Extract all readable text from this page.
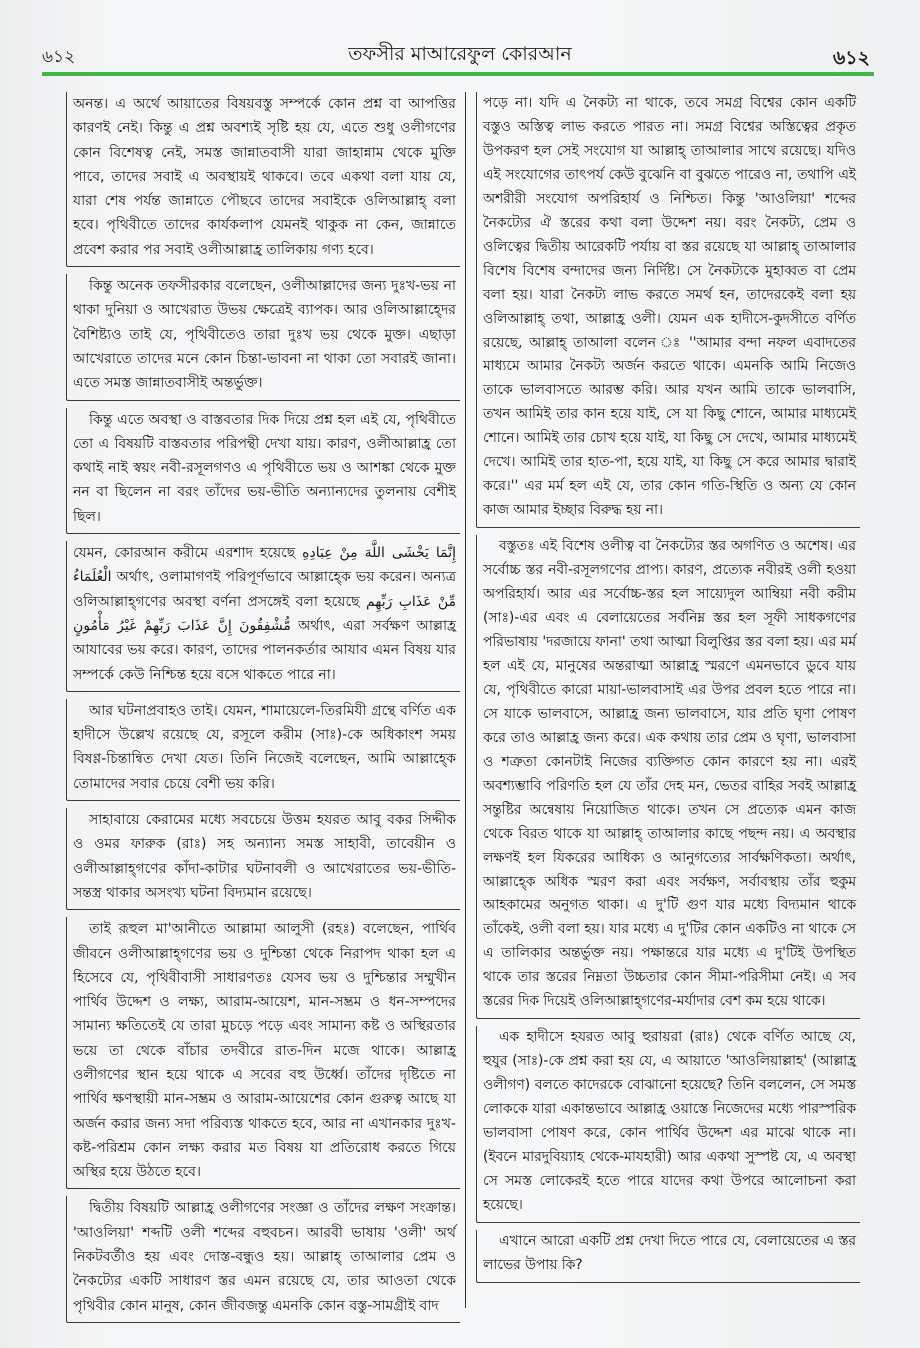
৬১২	তফসীর মাআরেফুল কোরআন	৬১২

অনন্ত। এ অর্থে আয়াতের বিষয়বস্তু সম্পর্কে কোন প্রশ্ন বা আপত্তির কারণই নেই। কিন্তু এ প্রশ্ন অবশ্যই সৃষ্টি হয় যে, এতে শুধু ওলীগণের কোন বিশেষত্ব নেই, সমস্ত জান্নাতবাসী যারা জাহান্নাম থেকে মুক্তি পাবে, তাদের সবাই এ অবস্থায়ই থাকবে। তবে একথা বলা যায় যে, যারা শেষ পর্যন্ত জান্নাতে পৌছবে তাদের সবাইকে ওলিআল্লাহ্ বলা হবে। পৃথিবীতে তাদের কার্যকলাপ যেমনই থাকুক না কেন, জান্নাতে প্রবেশ করার পর সবাই ওলীআল্লাহ্র তালিকায় গণ্য হবে।

কিন্তু অনেক তফসীরকার বলেছেন, ওলীআল্লাদের জন্য দুঃখ-ভয় না থাকা দুনিয়া ও আখেরাত উভয় ক্ষেত্রেই ব্যাপক। আর ওলিআল্লাহ্দের বৈশিষ্ট্যও তাই যে, পৃথিবীতেও তারা দুঃখ ভয় থেকে মুক্ত। এছাড়া আখেরাতে তাদের মনে কোন চিন্তা-ভাবনা না থাকা তো সবারই জানা। এতে সমস্ত জান্নাতবাসীই অন্তর্ভুক্ত।

কিন্তু এতে অবস্থা ও বাস্তবতার দিক দিয়ে প্রশ্ন হল এই যে, পৃথিবীতে তো এ বিষয়টি বাস্তবতার পরিপন্থী দেখা যায়। কারণ, ওলীআল্লাহ্র তো কথাই নাই স্বয়ং নবী-রসূলগণও এ পৃথিবীতে ভয় ও আশঙ্কা থেকে মুক্ত নন বা ছিলেন না বরং তাঁদের ভয়-ভীতি অন্যান্যদের তুলনায় বেশীই ছিল।

যেমন, কোরআন করীমে এরশাদ হয়েছে إِنَّمَا يَخْشَى اللَّهَ مِنْ عِبَادِهِ الْعُلَمَاءُ অর্থাৎ, ওলামাগণই পরিপূর্ণভাবে আল্লাহ্কে ভয় করেন। অন্যত্র ওলিআল্লাহ্গণের অবস্থা বর্ণনা প্রসঙ্গেই বলা হয়েছে مِّنْ عَذَابِ رَبِّهِم مُّشْفِقُونَ إِنَّ عَذَابَ رَبِّهِمْ غَيْرُ مَأْمُونٍ অর্থাৎ, এরা সর্বক্ষণ আল্লাহ্র আযাবের ভয় করে। কারণ, তাদের পালনকর্তার আযাব এমন বিষয় যার সম্পর্কে কেউ নিশ্চিন্ত হয়ে বসে থাকতে পারে না।

আর ঘটনাপ্রবাহও তাই। যেমন, শামায়েলে-তিরমিযী গ্রন্থে বর্ণিত এক হাদীসে উল্লেখ রয়েছে যে, রসূলে করীম (সাঃ)-কে অধিকাংশ সময় বিষণ্ণ-চিন্তান্বিত দেখা যেত। তিনি নিজেই বলেছেন, আমি আল্লাহ্কে তোমাদের সবার চেয়ে বেশী ভয় করি।

সাহাবায়ে কেরামের মধ্যে সবচেয়ে উত্তম হযরত আবু বকর সিদ্দীক ও ওমর ফারুক (রাঃ) সহ অন্যান্য সমস্ত সাহাবী, তাবেয়ীন ও ওলীআল্লাহ্গণের কাঁদা-কাটার ঘটনাবলী ও আখেরাতের ভয়-ভীতি-সন্তস্ত্র থাকার অসংখ্য ঘটনা বিদ্যমান রয়েছে।

তাই রূহুল মা'আনীতে আল্লামা আলুসী (রহঃ) বলেছেন, পার্থিব জীবনে ওলীআল্লাহ্গণের ভয় ও দুশ্চিন্তা থেকে নিরাপদ থাকা হল এ হিসেবে যে, পৃথিবীবাসী সাধারণতঃ যেসব ভয় ও দুশ্চিন্তার সম্মুখীন পার্থিব উদ্দেশ ও লক্ষ্য, আরাম-আয়েশ, মান-সম্ভ্রম ও ধন-সম্পদের সামান্য ক্ষতিতেই যে তারা মুচড়ে পড়ে এবং সামান্য কষ্ট ও অস্থিরতার ভয়ে তা থেকে বাঁচার তদবীরে রাত-দিন মজে থাকে। আল্লাহ্র ওলীগণের স্থান হয়ে থাকে এ সবের বহু উর্ধ্বে। তাঁদের দৃষ্টিতে না পার্থিব ক্ষণস্থায়ী মান-সম্ভ্রম ও আরাম-আয়েশের কোন গুরুত্ব আছে যা অর্জন করার জন্য সদা পরিব্যস্ত থাকতে হবে, আর না এখানকার দুঃখ-কষ্ট-পরিশ্রম কোন লক্ষ্য করার মত বিষয় যা প্রতিরোধ করতে গিয়ে অস্থির হয়ে উঠতে হবে।

দ্বিতীয় বিষয়টি আল্লাহ্র ওলীগণের সংজ্ঞা ও তাঁদের লক্ষণ সংক্রান্ত। 'আওলিয়া' শব্দটি ওলী শব্দের বহুবচন। আরবী ভাষায় 'ওলী' অর্থ নিকটবর্তীও হয় এবং দোস্ত-বন্ধুও হয়। আল্লাহ্ তাআলার প্রেম ও নৈকট্যের একটি সাধারণ স্তর এমন রয়েছে যে, তার আওতা থেকে পৃথিবীর কোন মানুষ, কোন জীবজন্তু এমনকি কোন বস্তু-সামগ্রীই বাদ

পড়ে না। যদি এ নৈকট্য না থাকে, তবে সমগ্র বিশ্বের কোন একটি বস্তুও অস্তিত্ব লাভ করতে পারত না। সমগ্র বিশ্বের অস্তিত্বের প্রকৃত উপকরণ হল সেই সংযোগ যা আল্লাহ্ তাআলার সাথে রয়েছে। যদিও এই সংযোগের তাৎপর্য কেউ বুঝেনি বা বুঝতে পারেও না, তথাপি এই অশরীরী সংযোগ অপরিহার্য ও নিশ্চিত। কিন্তু 'আওলিয়া' শব্দের নৈকট্যের ঐ স্তরের কথা বলা উদ্দেশ নয়। বরং নৈকট্য, প্রেম ও ওলিত্বের দ্বিতীয় আরেকটি পর্যায় বা স্তর রয়েছে যা আল্লাহ্ তাআলার বিশেষ বিশেষ বন্দাদের জন্য নির্দিষ্ট। সে নৈকট্যকে মুহাব্বত বা প্রেম বলা হয়। যারা নৈকট্য লাভ করতে সমর্থ হন, তাদেরকেই বলা হয় ওলিআল্লাহ্ তথা, আল্লাহ্র ওলী। যেমন এক হাদীসে-কুদসীতে বর্ণিত রয়েছে, আল্লাহ্ তাআলা বলেন ঃ ''আমার বন্দা নফল এবাদতের মাধ্যমে আমার নৈকট্য অর্জন করতে থাকে। এমনকি আমি নিজেও তাকে ভালবাসতে আরম্ভ করি। আর যখন আমি তাকে ভালবাসি, তখন আমিই তার কান হয়ে যাই, সে যা কিছু শোনে, আমার মাধ্যমেই শোনে। আমিই তার চোখ হয়ে যাই, যা কিছু সে দেখে, আমার মাধ্যমেই দেখে। আমিই তার হাত-পা, হয়ে যাই, যা কিছু সে করে আমার দ্বারাই করে।'' এর মর্ম হল এই যে, তার কোন গতি-স্থিতি ও অন্য যে কোন কাজ আমার ইচ্ছার বিরুদ্ধ হয় না।

বস্তুতঃ এই বিশেষ ওলীত্ব বা নৈকট্যের স্তর অগণিত ও অশেষ। এর সর্বোচ্চ স্তর নবী-রসূলগণের প্রাপ্য। কারণ, প্রত্যেক নবীরই ওলী হওয়া অপরিহার্য। আর এর সর্বোচ্চ-স্তর হল সায়্যেদুল আম্বিয়া নবী করীম (সাঃ)-এর এবং এ বেলায়েতের সর্বনিম্ন স্তর হল সূফী সাধকগণের পরিভাষায় 'দরজায়ে ফানা' তথা আত্মা বিলুপ্তির স্তর বলা হয়। এর মর্ম হল এই যে, মানুষের অন্তরাত্মা আল্লাহ্র স্মরণে এমনভাবে ডুবে যায় যে, পৃথিবীতে কারো মায়া-ভালবাসাই এর উপর প্রবল হতে পারে না। সে যাকে ভালবাসে, আল্লাহ্র জন্য ভালবাসে, যার প্রতি ঘৃণা পোষণ করে তাও আল্লাহ্র জন্য করে। এক কথায় তার প্রেম ও ঘৃণা, ভালবাসা ও শত্রুতা কোনটাই নিজের ব্যক্তিগত কোন কারণে হয় না। এরই অবশ্যম্ভাবি পরিণতি হল যে তাঁর দেহ মন, ভেতর বাহির সবই আল্লাহ্র সন্তুষ্টির অন্বেষায় নিয়োজিত থাকে। তখন সে প্রত্যেক এমন কাজ থেকে বিরত থাকে যা আল্লাহ্ তাআলার কাছে পছন্দ নয়। এ অবস্থার লক্ষণই হল যিকরের আধিক্য ও আনুগত্যের সার্বক্ষণিকতা। অর্থাৎ, আল্লাহ্কে অধিক স্মরণ করা এবং সর্বক্ষণ, সর্বাবস্থায় তাঁর হুকুম আহকামের অনুগত থাকা। এ দু'টি গুণ যার মধ্যে বিদ্যমান থাকে তাঁকেই, ওলী বলা হয়। যার মধ্যে এ দু'টির কোন একটিও না থাকে সে এ তালিকার অন্তর্ভুক্ত নয়। পক্ষান্তরে যার মধ্যে এ দু'টিই উপস্থিত থাকে তার স্তরের নিম্নতা উচ্চতার কোন সীমা-পরিসীমা নেই। এ সব স্তরের দিক দিয়েই ওলিআল্লাহ্গণের-মর্যাদার বেশ কম হয়ে থাকে।

এক হাদীসে হযরত আবু হুরায়রা (রাঃ) থেকে বর্ণিত আছে যে, হুযুর (সাঃ)-কে প্রশ্ন করা হয় যে, এ আয়াতে 'আওলিয়াল্লাহ' (আল্লাহ্র ওলীগণ) বলতে কাদেরকে বোঝানো হয়েছে? তিনি বললেন, সে সমস্ত লোককে যারা একান্তভাবে আল্লাহ্র ওয়াস্তে নিজেদের মধ্যে পারস্পরিক ভালবাসা পোষণ করে, কোন পার্থিব উদ্দেশ এর মাঝে থাকে না। (ইবনে মারদুবিয়্যাহ থেকে-মাযহারী) আর একথা সুস্পষ্ট যে, এ অবস্থা সে সমস্ত লোকেরই হতে পারে যাদের কথা উপরে আলোচনা করা হয়েছে।

এখানে আরো একটি প্রশ্ন দেখা দিতে পারে যে, বেলায়েতের এ স্তর লাভের উপায় কি?
